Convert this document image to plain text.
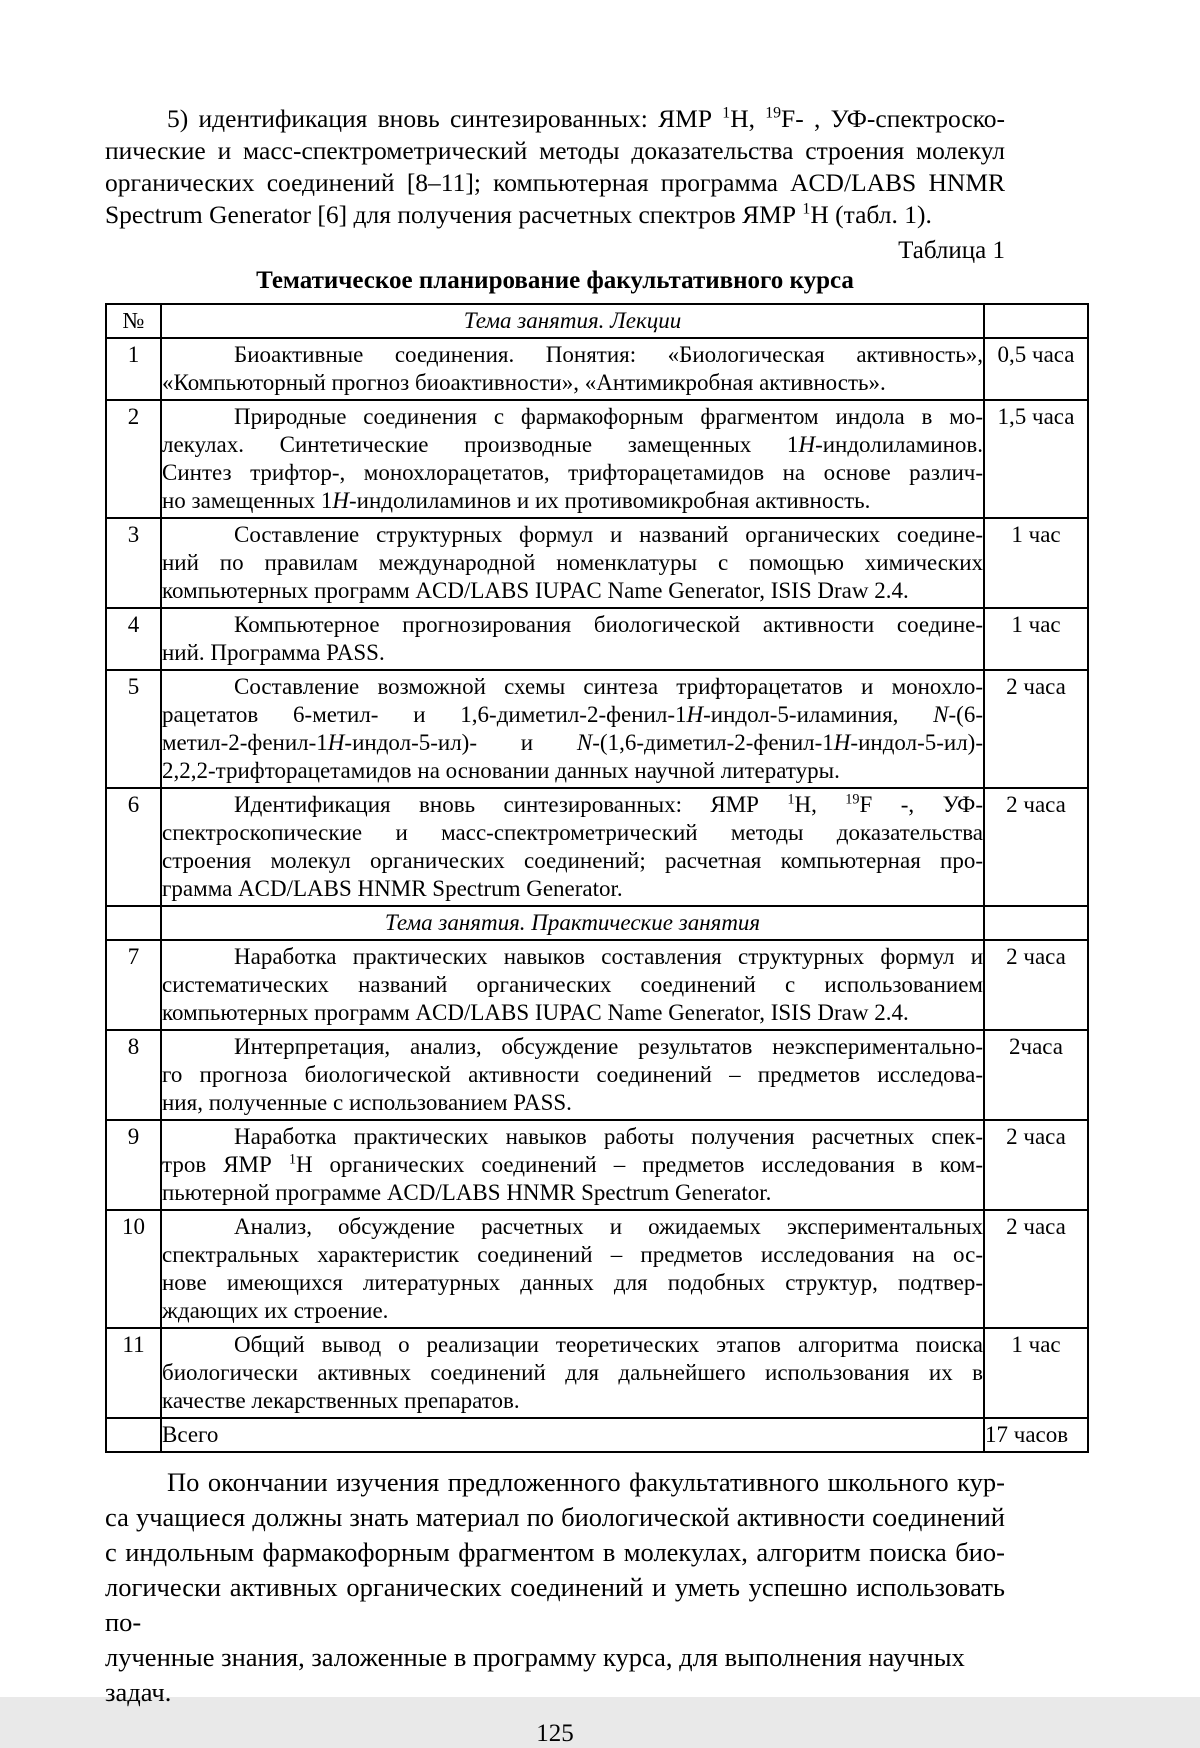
5) идентификация вновь синтезированных: ЯМР $^1$H, $^{19}$F- , УФ-спектроско-
пические и масс-спектрометрический методы доказательства строения молекул
органических соединений [8–11]; компьютерная программа ACD/LABS HNMR
Spectrum Generator [6] для получения расчетных спектров ЯМР $^1$H (табл. 1).
Таблица 1
Тематическое планирование факультативного курса
№	Тема занятия. Лекции	
1	Биоактивные соединения. Понятия: «Биологическая активность»,
«Компьюторный прогноз биоактивности», «Антимикробная активность».	0,5 часа
2	Природные соединения с фармакофорным фрагментом индола в мо-
лекулах. Синтетические производные замещенных 1H-индолиламинов.
Синтез трифтор-, монохлорацетатов, трифторацетамидов на основе различ-
но замещенных 1H-индолиламинов и их противомикробная активность.	1,5 часа
3	Составление структурных формул и названий органических соедине-
ний по правилам международной номенклатуры с помощью химических
компьютерных программ ACD/LABS IUPAC Name Generator, ISIS Draw 2.4.	1 час
4	Компьютерное прогнозирования биологической активности соедине-
ний. Программа PASS.	1 час
5	Составление возможной схемы синтеза трифторацетатов и монохло-
рацетатов 6-метил- и 1,6-диметил-2-фенил-1H-индол-5-иламиния, N-(6-
метил-2-фенил-1H-индол-5-ил)- и N-(1,6-диметил-2-фенил-1H-индол-5-ил)-
2,2,2-трифторацетамидов на основании данных научной литературы.	2 часа
6	Идентификация вновь синтезированных: ЯМР $^1$H, $^{19}$F -, УФ-
спектроскопические и масс-спектрометрический методы доказательства
строения молекул органических соединений; расчетная компьютерная про-
грамма ACD/LABS HNMR Spectrum Generator.	2 часа
	Тема занятия. Практические занятия	
7	Наработка практических навыков составления структурных формул и
систематических названий органических соединений с использованием
компьютерных программ ACD/LABS IUPAC Name Generator, ISIS Draw 2.4.	2 часа
8	Интерпретация, анализ, обсуждение результатов неэкспериментально-
го прогноза биологической активности соединений – предметов исследова-
ния, полученные с использованием PASS.	2часа
9	Наработка практических навыков работы получения расчетных спек-
тров ЯМР $^1$H органических соединений – предметов исследования в ком-
пьютерной программе ACD/LABS HNMR Spectrum Generator.	2 часа
10	Анализ, обсуждение расчетных и ожидаемых экспериментальных
спектральных характеристик соединений – предметов исследования на ос-
нове имеющихся литературных данных для подобных структур, подтвер-
ждающих их строение.	2 часа
11	Общий вывод о реализации теоретических этапов алгоритма поиска
биологически активных соединений для дальнейшего использования их в
качестве лекарственных препаратов.	1 час
	Всего	17 часов
По окончании изучения предложенного факультативного школьного кур-
са учащиеся должны знать материал по биологической активности соединений
с индольным фармакофорным фрагментом в молекулах, алгоритм поиска био-
логически активных органических соединений и уметь успешно использовать по-
лученные знания, заложенные в программу курса, для выполнения научных задач.
125
